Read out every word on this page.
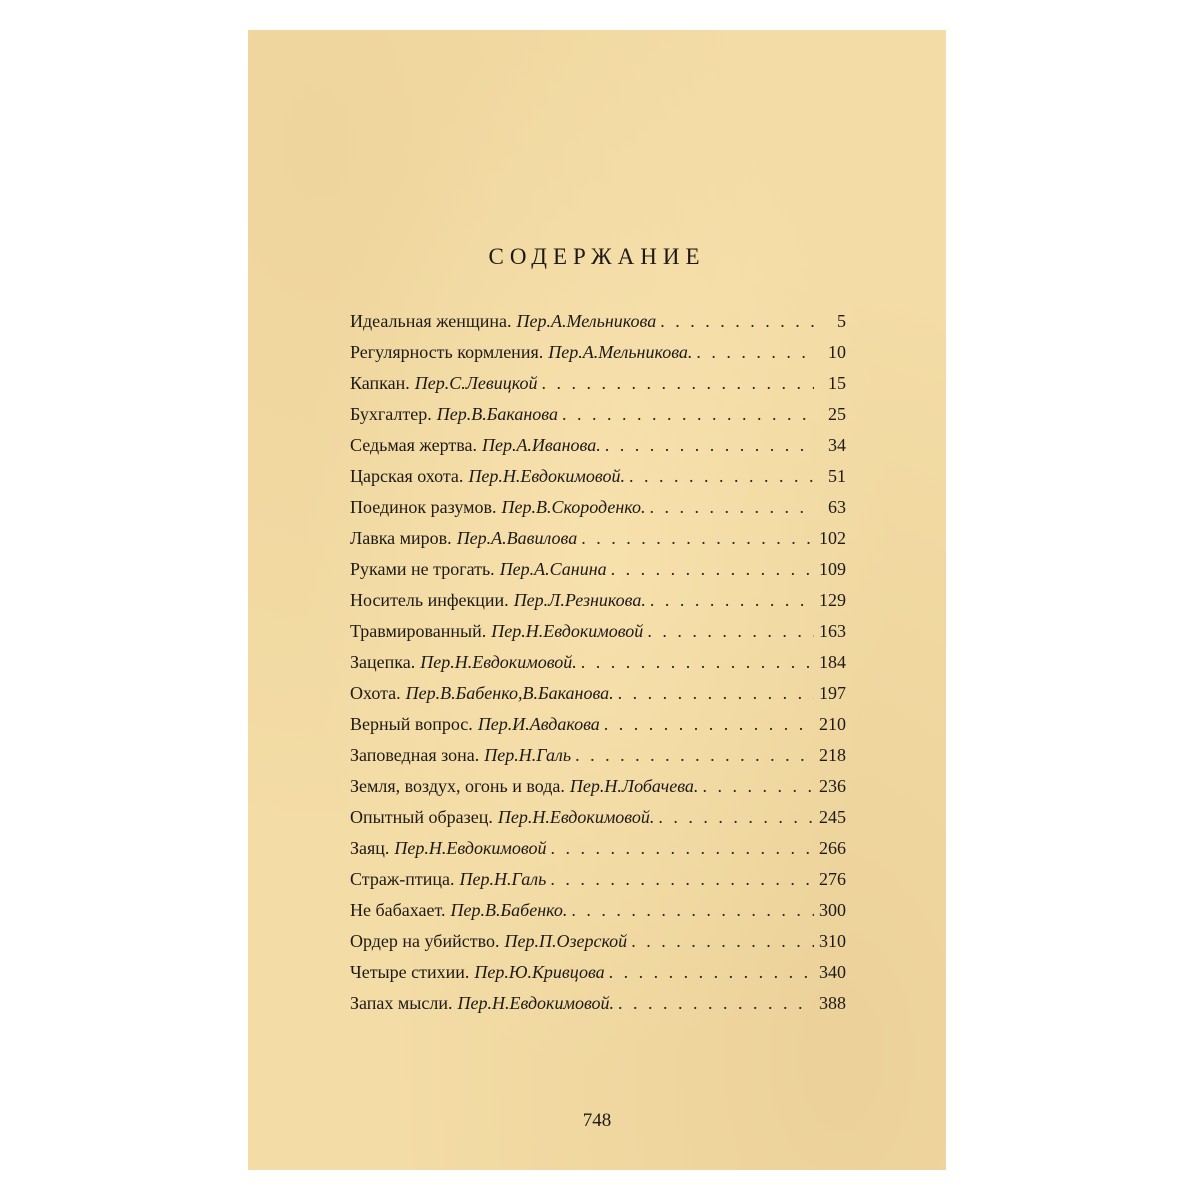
СОДЕРЖАНИЕ
Идеальная женщина. Пер.А.Мельникова . . .	5
Регулярность кормления. Пер.А.Мельникова. . . .	10
Капкан. Пер.С.Левицкой . . .	15
Бухгалтер. Пер.В.Баканова . . .	25
Седьмая жертва. Пер.А.Иванова. . . .	34
Царская охота. Пер.Н.Евдокимовой. . . .	51
Поединок разумов. Пер.В.Скороденко. . . .	63
Лавка миров. Пер.А.Вавилова . . .	102
Руками не трогать. Пер.А.Санина . . .	109
Носитель инфекции. Пер.Л.Резникова. . . .	129
Травмированный. Пер.Н.Евдокимовой . . .	163
Зацепка. Пер.Н.Евдокимовой. . . .	184
Охота. Пер.В.Бабенко,В.Баканова. . . .	197
Верный вопрос. Пер.И.Авдакова . . .	210
Заповедная зона. Пер.Н.Галь . . .	218
Земля, воздух, огонь и вода. Пер.Н.Лобачева. . . .	236
Опытный образец. Пер.Н.Евдокимовой. . . .	245
Заяц. Пер.Н.Евдокимовой . . .	266
Страж-птица. Пер.Н.Галь . . .	276
Не бабахает. Пер.В.Бабенко. . . .	300
Ордер на убийство. Пер.П.Озерской . . .	310
Четыре стихии. Пер.Ю.Кривцова . . .	340
Запах мысли. Пер.Н.Евдокимовой. . . .	388
748
